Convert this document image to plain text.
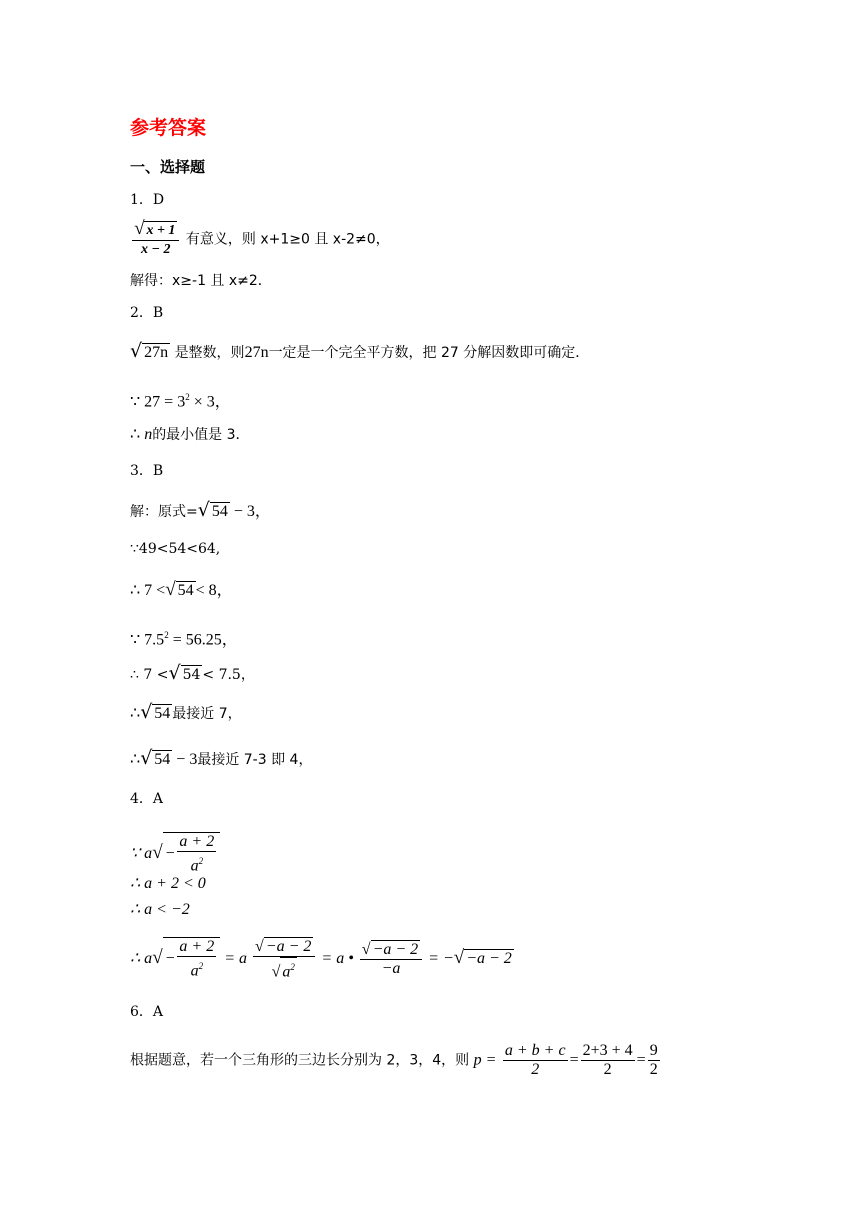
参考答案
一、选择题
1．D
$\frac{√ x + 1}{x - 2}$ 有意义，则 x+1≥0 且 x-2≠0，
解得：x≥-1 且 x≠2．
2．B
√ 27n 是整数，则27n一定是一个完全平方数，把 27 分解因数即可确定．
∵ $27 = 3^2 \times 3$，
∴ n的最小值是 3．
3．B
解：原式=√ 54 − 3，
∵49<54<64,
∴ 7 <√ 54 < 8，
∵ $7.5^2 = 56.25$，
∴ 7 <√ 54 < 7.5，
∴√ 54 最接近 7，
∴√ 54 − 3最接近 7-3 即 4，
4．A
∵ $a√ - \frac{a + 2}{a^2}$
∴ a + 2 < 0
∴ a < −2
∴ $a√ - \frac{a + 2}{a^2} = a \frac{√ -a - 2}{√ a^2} = a$ • $\frac{√ -a - 2}{-a}$ = −√ −a − 2
6．A
根据题意，若一个三角形的三边长分别为 2，3，4，则 $p = \frac{a + b + c}{2} = \frac{2+3 + 4}{2} = \frac{9}{2}$
